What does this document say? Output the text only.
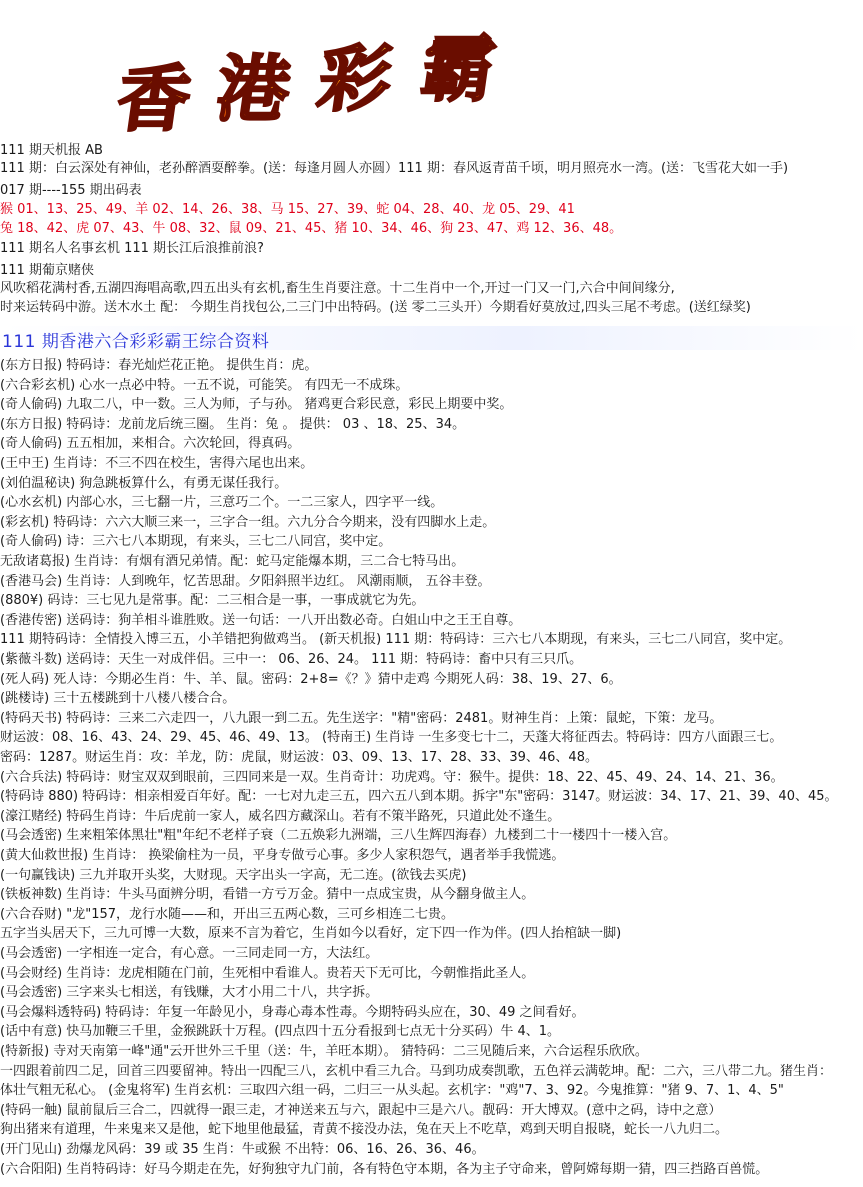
香 港 彩 霸
111 期天机报 AB
111 期：白云深处有神仙，老孙醉酒耍醉拳。(送：每逢月圆人亦圆）111 期：春风返青苗千顷，明月照亮水一湾。(送：飞雪花大如一手)
017 期----155 期出码表
猴 01、13、25、49、羊 02、14、26、38、马 15、27、39、蛇 04、28、40、龙 05、29、41
兔 18、42、虎 07、43、牛 08、32、鼠 09、21、45、猪 10、34、46、狗 23、47、鸡 12、36、48。
111 期名人名事玄机 111 期长江后浪推前浪?
111 期葡京赌侠
风吹稻花满村香,五湖四海唱高歌,四五出头有玄机,畜生生肖要注意。十二生肖中一个,开过一门又一门,六合中间间缘分,
时来运转码中游。送木水土 配： 今期生肖找包公,二三门中出特码。(送 零二三头开）今期看好莫放过,四头三尾不考虑。(送红绿奖)
111 期香港六合彩彩霸王综合资料
(东方日报) 特码诗：春光灿烂花正艳。 提供生肖：虎。
(六合彩玄机) 心水一点必中特。一五不说，可能笑。 有四无一不成珠。
(奇人偷码) 九取二八，中一数。三人为师，子与孙。 猪鸡更合彩民意，彩民上期要中奖。
(东方日报) 特码诗：龙前龙后统三圈。 生肖：兔 。 提供： 03 、18、25、34。
(奇人偷码) 五五相加，来相合。六次轮回，得真码。
(王中王) 生肖诗：不三不四在校生，害得六尾也出来。
(刘伯温秘诀) 狗急跳板算什么，有勇无谋任我行。
(心水玄机) 内部心水，三七翻一片，三意巧二个。一二三家人，四字平一线。
(彩玄机) 特码诗：六六大顺三来一，三字合一组。六九分合今期来，没有四脚水上走。
(奇人偷码) 诗：三六七八本期现，有来头，三七二八同宫，奖中定。
无敌诸葛报) 生肖诗：有烟有酒兄弟情。配：蛇马定能爆本期，三二合七特马出。
(香港马会) 生肖诗：人到晚年，忆苦思甜。夕阳斜照半边红。 风潮雨顺， 五谷丰登。
(880¥) 码诗：三七见九是常事。配：二三相合是一事，一事成就它为先。
(香港传密) 送码诗：狗羊相斗谁胜败。送一句话：一八开出数必奇。白姐山中之王王自尊。
111 期特码诗：全情投入博三五，小羊错把狗做鸡当。 (新天机报) 111 期：特码诗：三六七八本期现，有来头，三七二八同宫，奖中定。
(紫薇斗数) 送码诗：天生一对成伴侣。三中一： 06、26、24。 111 期：特码诗：畜中只有三只爪。
(死人码) 死人诗：今期必生肖：牛、羊、鼠。密码：2+8=《？》猜中走鸡 今期死人码：38、19、27、6。
(跳楼诗) 三十五楼跳到十八楼八楼合合。
(特码天书) 特码诗：三来二六走四一，八九跟一到二五。先生送字："精"密码：2481。财神生肖：上策：鼠蛇，下策：龙马。
财运波：08、16、43、24、29、45、46、49、13。 (特南王) 生肖诗 一生多变七十二，天蓬大将征西去。特码诗：四方八面跟三七。
密码：1287。财运生肖：攻：羊龙，防：虎鼠，财运波：03、09、13、17、28、33、39、46、48。
(六合兵法) 特码诗：财宝双双到眼前，三四同来是一双。生肖奇计：功虎鸡。守：猴牛。提供：18、22、45、49、24、14、21、36。
(特码诗 880) 特码诗：相亲相爱百年好。配：一七对九走三五，四六五八到本期。拆字"东"密码：3147。财运波：34、17、21、39、40、45。
(濠江赌经) 特码生肖诗：牛后虎前一家人，威名四方藏深山。若有不策半路死，只道此处不逢生。
(马会透密) 生来粗笨体黑壮"粗"年纪不老样子衰（二五焕彩九洲端，三八生辉四海春）九楼到二十一楼四十一楼入宫。
(黄大仙救世报) 生肖诗： 换梁偷柱为一员，平身专做亏心事。多少人家积怨气，遇者举手我慌逃。
(一句赢钱诀) 三九并取开头奖，大财现。天字出头一字高，无二连。(欲钱去买虎)
(铁板神数) 生肖诗：牛头马面辨分明，看错一方亏万金。猜中一点成宝贵，从今翻身做主人。
(六合吞财) "龙"157，龙行水随——和，开出三五两心数，三可乡相连二七贵。
五字当头居天下，三九可博一大数，原来不言为着它，生肖如今以看好，定下四一作为伴。(四人抬棺缺一脚)
(马会透密) 一字相连一定合，有心意。一三同走同一方，大法红。
(马会财经) 生肖诗：龙虎相随在门前，生死相中看谁人。贵若天下无可比，今朝惟指此圣人。
(马会透密) 三字来头七相送，有钱赚，大才小用二十八，共字拆。
(马会爆料透特码) 特码诗：年复一年龄见小，身毒心毒本性毒。今期特码头应在，30、49 之间看好。
(话中有意) 快马加鞭三千里，金猴跳跃十万程。(四点四十五分看报到七点无十分买码）牛 4、1。
(特新报) 寺对天南第一峰"通"云开世外三千里（送：牛，羊旺本期）。 猜特码：二三见随后来，六合运程乐欣欣。
一四跟着前四二足，回首三四要留神。特出一四配三八，玄机中看三九合。马到功成奏凯歌，五色祥云满乾坤。配：二六，三八带二九。猪生肖：
体壮气粗无私心。 (金鬼将军) 生肖玄机：三取四六组一码，二归三一从头起。玄机字："鸡"7、3、92。今鬼推算："猪 9、7、1、4、5"
(特码一触) 鼠前鼠后三合二，四就得一跟三走，才神送来五与六，跟起中三是六八。靓码：开大博双。(意中之码，诗中之意）
狗出猪来有道理，牛来鬼来又是他，蛇下地里他最猛，青黄不接没办法，兔在天上不吃草，鸡到天明自报晓，蛇长一八九归二。
(开门见山) 劲爆龙风码：39 或 35 生肖：牛或猴 不出特：06、16、26、36、46。
(六合阳阳) 生肖特码诗：好马今期走在先，好狗独守九门前，各有特色守本期，各为主子守命来，曾阿嫦每期一猜，四三挡路百兽慌。
